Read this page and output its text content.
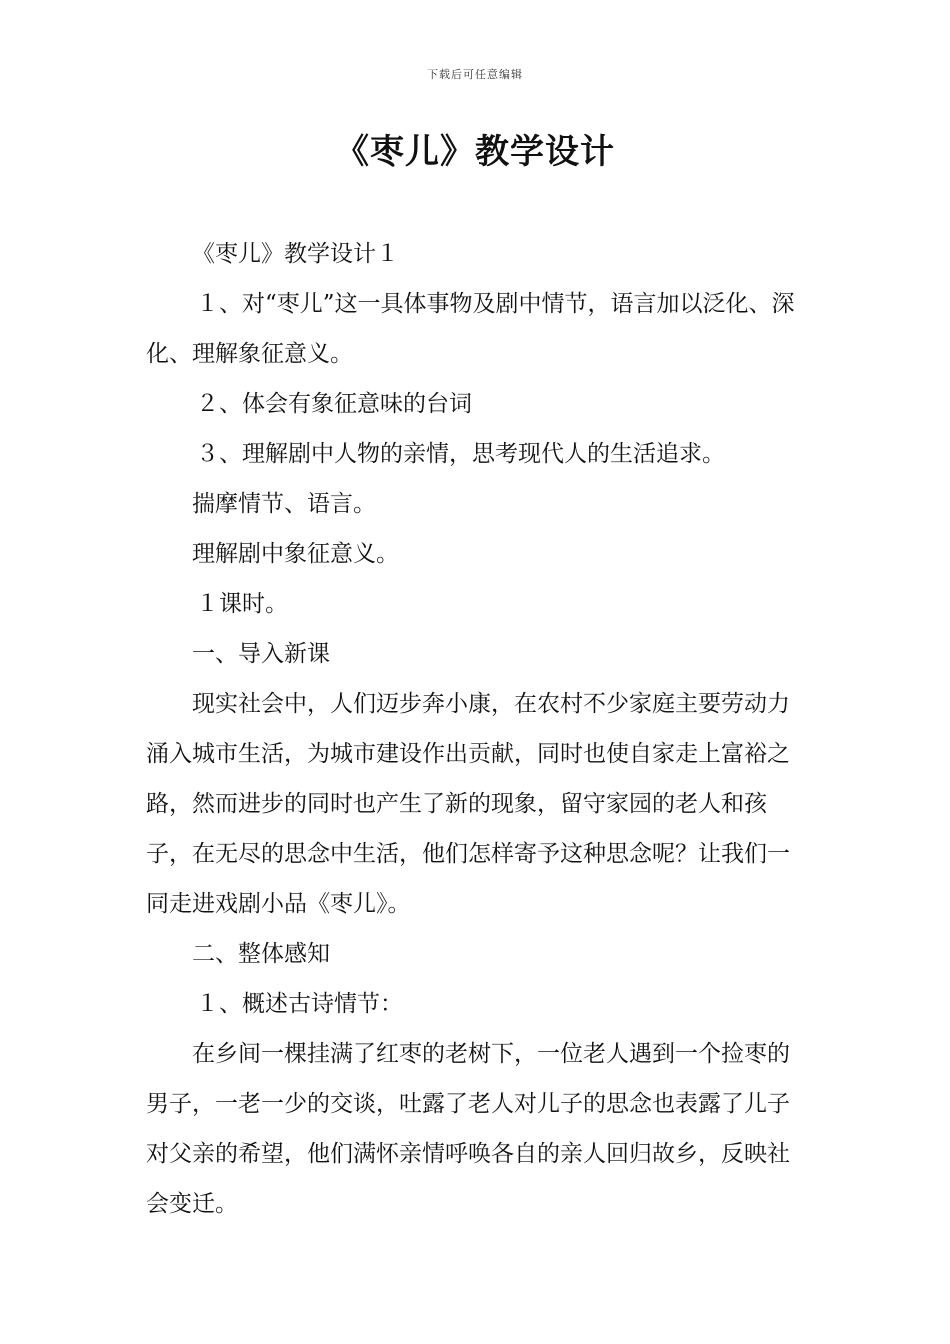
下载后可任意编辑
《枣儿》教学设计

《枣儿》教学设计１

１、对“枣儿”这一具体事物及剧中情节，语言加以泛化、深化、理解象征意义。

２、体会有象征意味的台词

３、理解剧中人物的亲情，思考现代人的生活追求。

揣摩情节、语言。

理解剧中象征意义。

１课时。

一、导入新课

现实社会中，人们迈步奔小康，在农村不少家庭主要劳动力涌入城市生活，为城市建设作出贡献，同时也使自家走上富裕之路，然而进步的同时也产生了新的现象，留守家园的老人和孩子，在无尽的思念中生活，他们怎样寄予这种思念呢？让我们一同走进戏剧小品《枣儿》。

二、整体感知

１、概述古诗情节：

在乡间一棵挂满了红枣的老树下，一位老人遇到一个捡枣的男子，一老一少的交谈，吐露了老人对儿子的思念也表露了儿子对父亲的希望，他们满怀亲情呼唤各自的亲人回归故乡，反映社会变迁。
